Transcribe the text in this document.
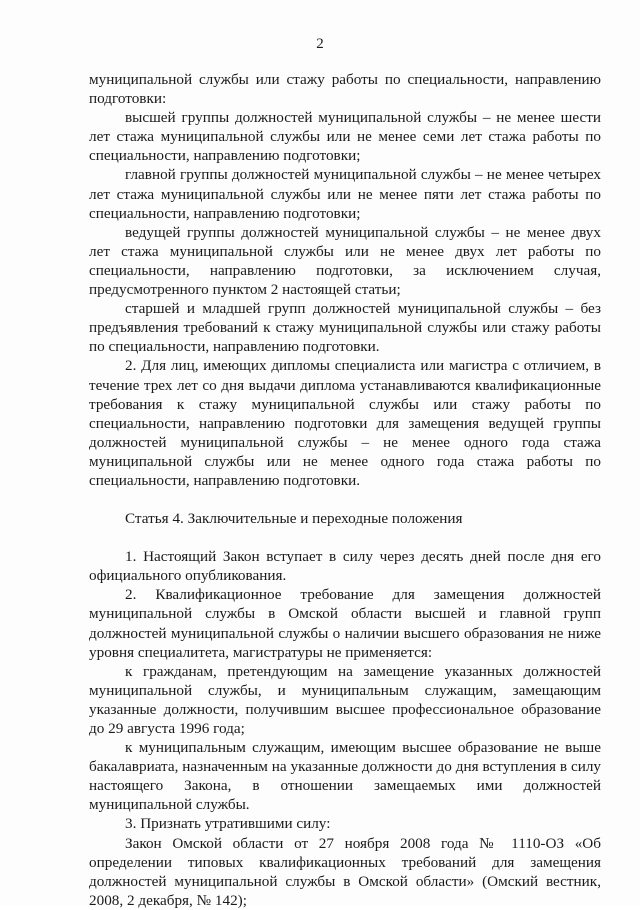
2

муниципальной службы или стажу работы по специальности, направлению подготовки:

высшей группы должностей муниципальной службы – не менее шести лет стажа муниципальной службы или не менее семи лет стажа работы по специальности, направлению подготовки;

главной группы должностей муниципальной службы – не менее четырех лет стажа муниципальной службы или не менее пяти лет стажа работы по специальности, направлению подготовки;

ведущей группы должностей муниципальной службы – не менее двух лет стажа муниципальной службы или не менее двух лет работы по специальности, направлению подготовки, за исключением случая, предусмотренного пунктом 2 настоящей статьи;

старшей и младшей групп должностей муниципальной службы – без предъявления требований к стажу муниципальной службы или стажу работы по специальности, направлению подготовки.

2. Для лиц, имеющих дипломы специалиста или магистра с отличием, в течение трех лет со дня выдачи диплома устанавливаются квалификационные требования к стажу муниципальной службы или стажу работы по специальности, направлению подготовки для замещения ведущей группы должностей муниципальной службы – не менее одного года стажа муниципальной службы или не менее одного года стажа работы по специальности, направлению подготовки.

Статья 4. Заключительные и переходные положения

1. Настоящий Закон вступает в силу через десять дней после дня его официального опубликования.

2. Квалификационное требование для замещения должностей муниципальной службы в Омской области высшей и главной групп должностей муниципальной службы о наличии высшего образования не ниже уровня специалитета, магистратуры не применяется:

к гражданам, претендующим на замещение указанных должностей муниципальной службы, и муниципальным служащим, замещающим указанные должности, получившим высшее профессиональное образование до 29 августа 1996 года;

к муниципальным служащим, имеющим высшее образование не выше бакалавриата, назначенным на указанные должности до дня вступления в силу настоящего Закона, в отношении замещаемых ими должностей муниципальной службы.

3. Признать утратившими силу:

Закон Омской области от 27 ноября 2008 года № 1110-ОЗ «Об определении типовых квалификационных требований для замещения должностей муниципальной службы в Омской области» (Омский вестник, 2008, 2 декабря, № 142);
